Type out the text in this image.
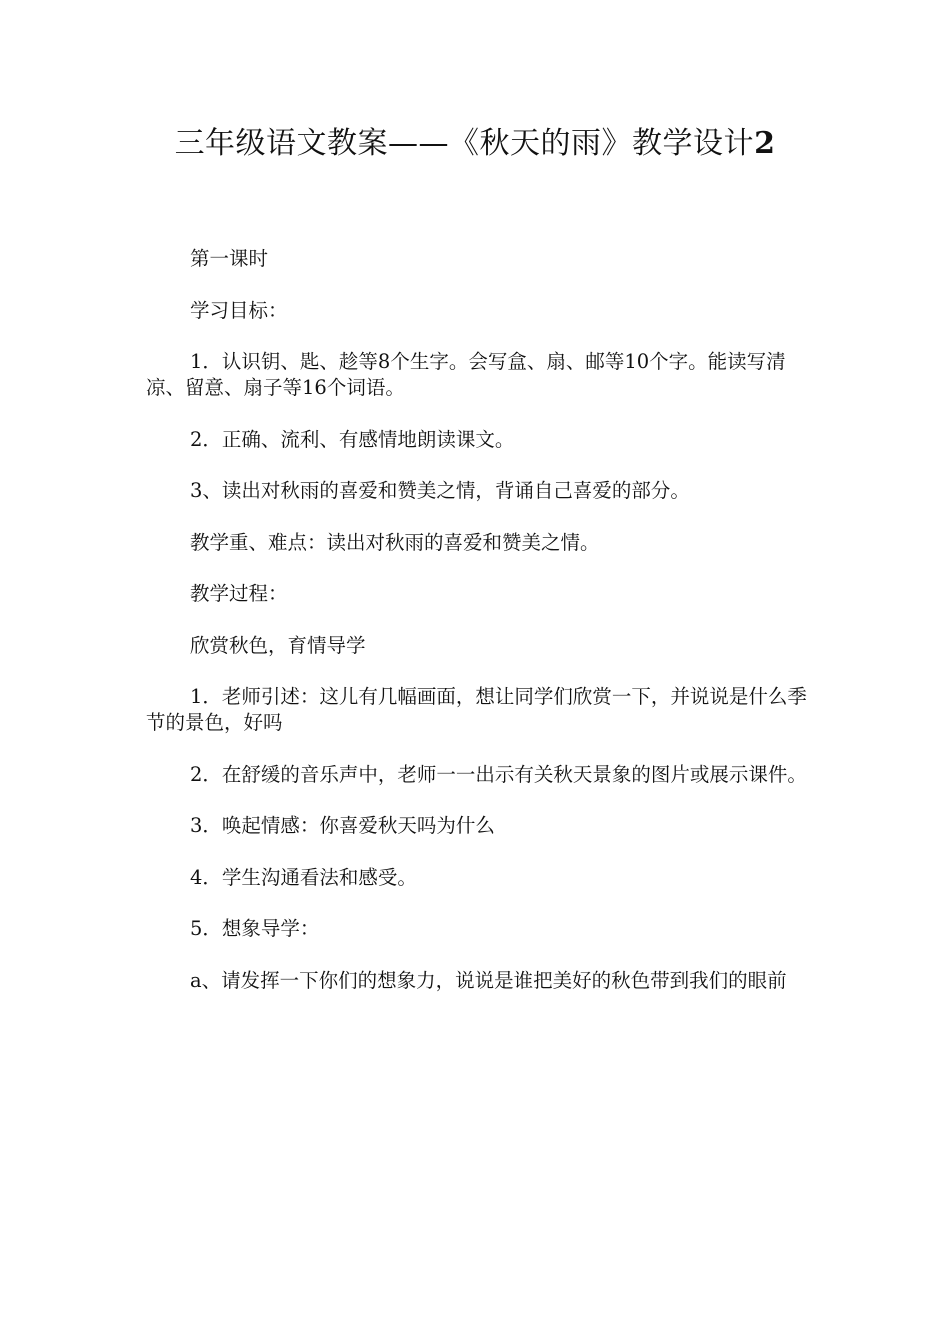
三年级语文教案——《秋天的雨》教学设计2

第一课时

学习目标：

1．认识钥、匙、趁等8个生字。会写盒、扇、邮等10个字。能读写清凉、留意、扇子等16个词语。

2．正确、流利、有感情地朗读课文。

3、读出对秋雨的喜爱和赞美之情，背诵自己喜爱的部分。

教学重、难点：读出对秋雨的喜爱和赞美之情。

教学过程：

欣赏秋色，育情导学

1．老师引述：这儿有几幅画面，想让同学们欣赏一下，并说说是什么季节的景色，好吗

2．在舒缓的音乐声中，老师一一出示有关秋天景象的图片或展示课件。

3．唤起情感：你喜爱秋天吗为什么

4．学生沟通看法和感受。

5．想象导学：

a、请发挥一下你们的想象力，说说是谁把美好的秋色带到我们的眼前
